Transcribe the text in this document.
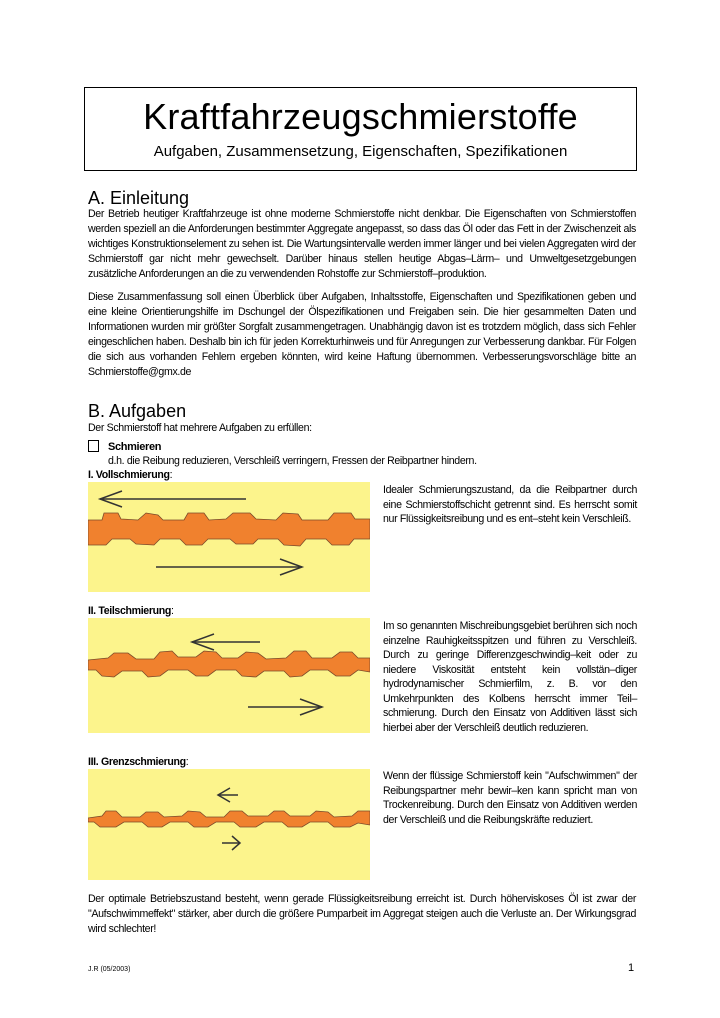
Kraftfahrzeugschmierstoffe
Aufgaben, Zusammensetzung, Eigenschaften, Spezifikationen
A. Einleitung

Der Betrieb heutiger Kraftfahrzeuge ist ohne moderne Schmierstoffe nicht denkbar. Die Eigenschaften von Schmierstoffen werden speziell an die Anforderungen bestimmter Aggregate angepasst, so dass das Öl oder das Fett in der Zwischenzeit als wichtiges Konstruktionselement zu sehen ist. Die Wartungsintervalle werden immer länger und bei vielen Aggregaten wird der Schmierstoff gar nicht mehr gewechselt. Darüber hinaus stellen heutige Abgas–Lärm– und Umweltgesetzgebungen zusätzliche Anforderungen an die zu verwendenden Rohstoffe zur Schmierstoff–produktion.

Diese Zusammenfassung soll einen Überblick über Aufgaben, Inhaltsstoffe, Eigenschaften und Spezifikationen geben und eine kleine Orientierungshilfe im Dschungel der Ölspezifikationen und Freigaben sein. Die hier gesammelten Daten und Informationen wurden mir größter Sorgfalt zusammengetragen. Unabhängig davon ist es trotzdem möglich, dass sich Fehler eingeschlichen haben. Deshalb bin ich für jeden Korrekturhinweis und für Anregungen zur Verbesserung dankbar. Für Folgen die sich aus vorhanden Fehlern ergeben könnten, wird keine Haftung übernommen. Verbesserungsvorschläge bitte an Schmierstoffe@gmx.de

B. Aufgaben

Der Schmierstoff hat mehrere Aufgaben zu erfüllen:

Schmieren

d.h. die Reibung reduzieren, Verschleiß verringern, Fressen der Reibpartner hindern.

I. Vollschmierung:

Idealer Schmierungszustand, da die Reibpartner durch eine Schmierstoffschicht getrennt sind. Es herrscht somit nur Flüssigkeitsreibung und es ent–steht kein Verschleiß.

II. Teilschmierung:

Im so genannten Mischreibungsgebiet berühren sich noch einzelne Rauhigkeitsspitzen und führen zu Verschleiß. Durch zu geringe Differenzgeschwindig–keit oder zu niedere Viskosität entsteht kein vollstän–diger hydrodynamischer Schmierfilm, z. B. vor den Umkehrpunkten des Kolbens herrscht immer Teil–schmierung. Durch den Einsatz von Additiven lässt sich hierbei aber der Verschleiß deutlich reduzieren.

III. Grenzschmierung:

Wenn der flüssige Schmierstoff kein "Aufschwimmen" der Reibungspartner mehr bewir–ken kann spricht man von Trockenreibung. Durch den Einsatz von Additiven werden der Verschleiß und die Reibungskräfte reduziert.

Der optimale Betriebszustand besteht, wenn gerade Flüssigkeitsreibung erreicht ist. Durch höherviskoses Öl ist zwar der "Aufschwimmeffekt" stärker, aber durch die größere Pumparbeit im Aggregat steigen auch die Verluste an. Der Wirkungsgrad wird schlechter!

J.R (05/2003)	1
